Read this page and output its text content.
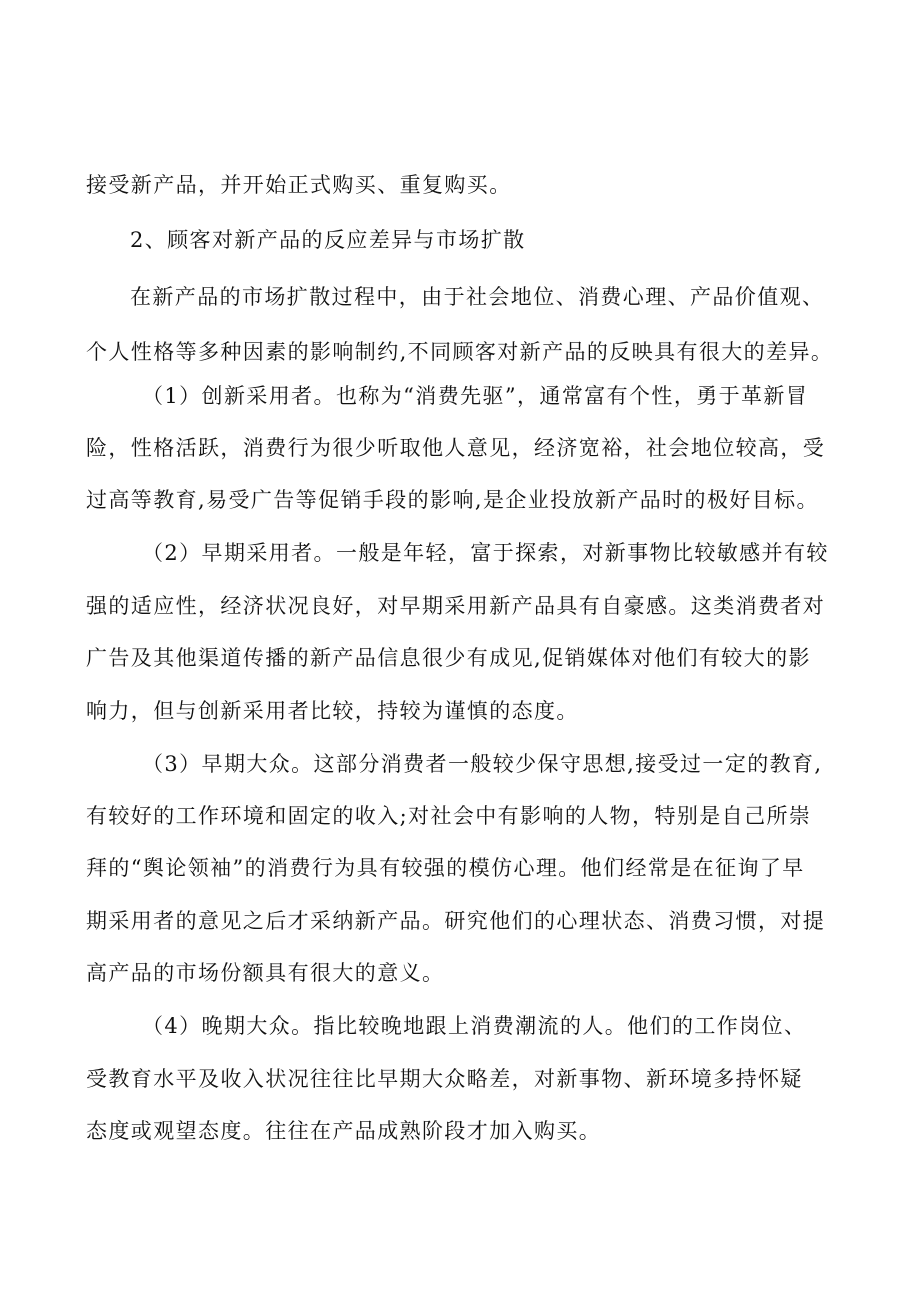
接受新产品，并开始正式购买、重复购买。
2、顾客对新产品的反应差异与市场扩散
在新产品的市场扩散过程中，由于社会地位、消费心理、产品价值观、
个人性格等多种因素的影响制约,不同顾客对新产品的反映具有很大的差异。
（1）创新采用者。也称为“消费先驱”，通常富有个性，勇于革新冒
险，性格活跃，消费行为很少听取他人意见，经济宽裕，社会地位较高，受
过高等教育,易受广告等促销手段的影响,是企业投放新产品时的极好目标。
（2）早期采用者。一般是年轻，富于探索，对新事物比较敏感并有较
强的适应性，经济状况良好，对早期采用新产品具有自豪感。这类消费者对
广告及其他渠道传播的新产品信息很少有成见,促销媒体对他们有较大的影
响力，但与创新采用者比较，持较为谨慎的态度。
（3）早期大众。这部分消费者一般较少保守思想,接受过一定的教育,
有较好的工作环境和固定的收入;对社会中有影响的人物，特别是自己所崇
拜的“舆论领袖”的消费行为具有较强的模仿心理。他们经常是在征询了早
期采用者的意见之后才采纳新产品。研究他们的心理状态、消费习惯，对提
高产品的市场份额具有很大的意义。
（4）晚期大众。指比较晚地跟上消费潮流的人。他们的工作岗位、
受教育水平及收入状况往往比早期大众略差，对新事物、新环境多持怀疑
态度或观望态度。往往在产品成熟阶段才加入购买。
